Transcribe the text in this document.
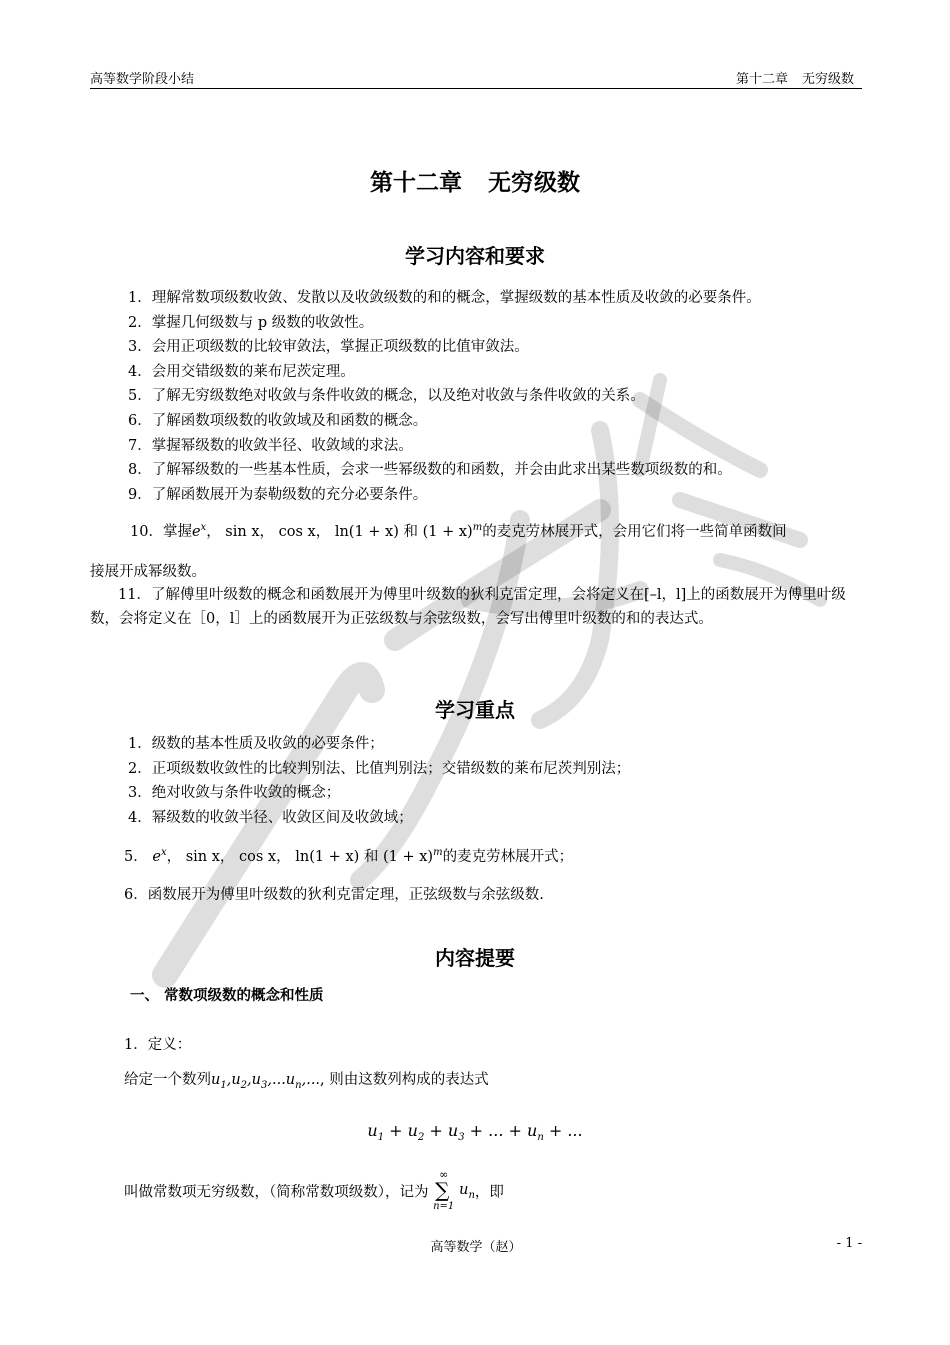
高等数学阶段小结	第十二章 无穷级数
第十二章 无穷级数
学习内容和要求
1．理解常数项级数收敛、发散以及收敛级数的和的概念，掌握级数的基本性质及收敛的必要条件。
2．掌握几何级数与 p 级数的收敛性。
3．会用正项级数的比较审敛法，掌握正项级数的比值审敛法。
4．会用交错级数的莱布尼茨定理。
5．了解无穷级数绝对收敛与条件收敛的概念，以及绝对收敛与条件收敛的关系。
6．了解函数项级数的收敛域及和函数的概念。
7．掌握幂级数的收敛半径、收敛域的求法。
8．了解幂级数的一些基本性质，会求一些幂级数的和函数，并会由此求出某些数项级数的和。
9．了解函数展开为泰勒级数的充分必要条件。
10．掌握$e^x$， sin x， cos x， ln(1 + x) 和 $(1 + x)^m$的麦克劳林展开式，会用它们将一些简单函数间
接展开成幂级数。
11．了解傅里叶级数的概念和函数展开为傅里叶级数的狄利克雷定理，会将定义在[–l，l]上的函数展开为傅里叶级数，会将定义在［0，l］上的函数展开为正弦级数与余弦级数，会写出傅里叶级数的和的表达式。
学习重点
1．级数的基本性质及收敛的必要条件；
2．正项级数收敛性的比较判别法、比值判别法；交错级数的莱布尼茨判别法；
3．绝对收敛与条件收敛的概念；
4．幂级数的收敛半径、收敛区间及收敛域；
5． $e^x$， sin x， cos x， ln(1 + x) 和 $(1 + x)^m$的麦克劳林展开式；
6．函数展开为傅里叶级数的狄利克雷定理，正弦级数与余弦级数.
内容提要
一、 常数项级数的概念和性质
1．定义：
给定一个数列$u_1,u_2,u_3,...u_n$,..., 则由这数列构成的表达式
$u_1 + u_2 + u_3$ + ... + $u_n$ + ...
叫做常数项无穷级数，（简称常数项级数），记为
∞
∑
n=1
$u_n$，即
高等数学（赵）	- 1 -
